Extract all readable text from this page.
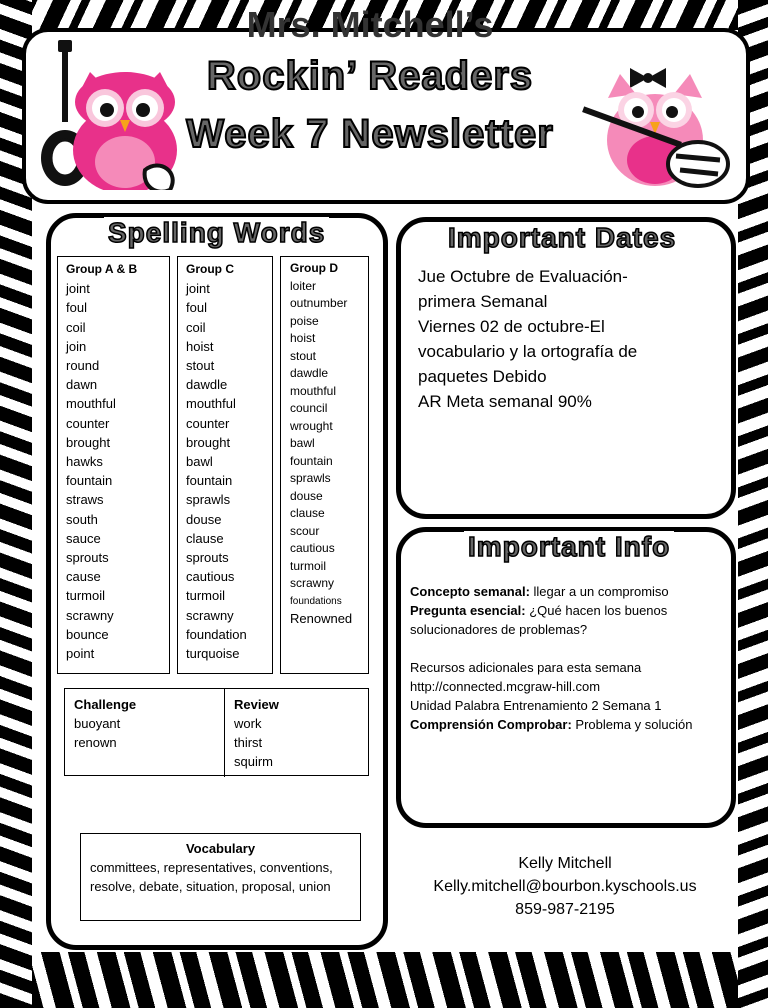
Mrs. Mitchell’s
Rockin’ Readers
Week 7 Newsletter
Spelling Words
Group A & B
joint
foul
coil
join
round
dawn
mouthful
counter
brought
hawks
fountain
straws
south
sauce
sprouts
cause
turmoil
scrawny
bounce
point
Group C
joint
foul
coil
hoist
stout
dawdle
mouthful
counter
brought
bawl
fountain
sprawls
douse
clause
sprouts
cautious
turmoil
scrawny
foundation
turquoise
Group D
loiter
outnumber
poise
hoist
stout
dawdle
mouthful
council
wrought
bawl
fountain
sprawls
douse
clause
scour
cautious
turmoil
scrawny
foundations
Renowned
Challenge
buoyant
renown
Review
work
thirst
squirm
Vocabulary
committees, representatives, conventions, resolve, debate, situation, proposal, union
Important Dates
Jue Octubre de Evaluación-
primera Semanal
Viernes 02 de octubre-El
vocabulario y la ortografía de
paquetes Debido
AR Meta semanal 90%
Important Info
Concepto semanal: llegar a un compromiso
Pregunta esencial: ¿Qué hacen los buenos solucionadores de problemas?
Recursos adicionales para esta semana
http://connected.mcgraw-hill.com
Unidad Palabra Entrenamiento 2 Semana 1
Comprensión Comprobar: Problema y solución
Kelly Mitchell
Kelly.mitchell@bourbon.kyschools.us
859-987-2195
